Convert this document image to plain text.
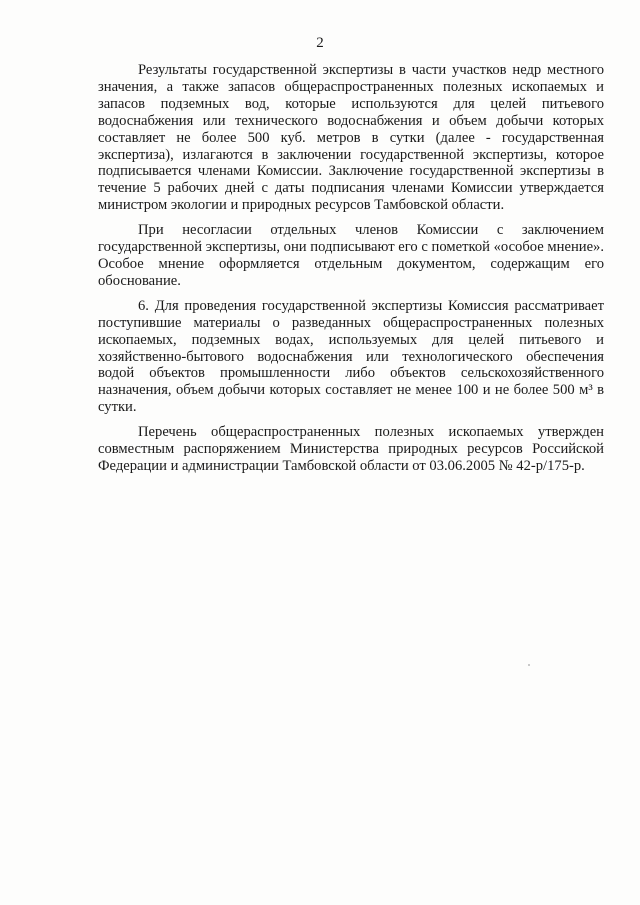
2

Результаты государственной экспертизы в части участков недр местного значения, а также запасов общераспространенных полезных ископаемых и запасов подземных вод, которые используются для целей питьевого водоснабжения или технического водоснабжения и объем добычи которых составляет не более 500 куб. метров в сутки (далее - государственная экспертиза), излагаются в заключении государственной экспертизы, которое подписывается членами Комиссии. Заключение государственной экспертизы в течение 5 рабочих дней с даты подписания членами Комиссии утверждается министром экологии и природных ресурсов Тамбовской области.

При несогласии отдельных членов Комиссии с заключением государственной экспертизы, они подписывают его с пометкой «особое мнение». Особое мнение оформляется отдельным документом, содержащим его обоснование.

6. Для проведения государственной экспертизы Комиссия рассматривает поступившие материалы о разведанных общераспространенных полезных ископаемых, подземных водах, используемых для целей питьевого и хозяйственно-бытового водоснабжения или технологического обеспечения водой объектов промышленности либо объектов сельскохозяйственного назначения, объем добычи которых составляет не менее 100 и не более 500 м³ в сутки.

Перечень общераспространенных полезных ископаемых утвержден совместным распоряжением Министерства природных ресурсов Российской Федерации и администрации Тамбовской области от 03.06.2005 № 42-р/175-р.
